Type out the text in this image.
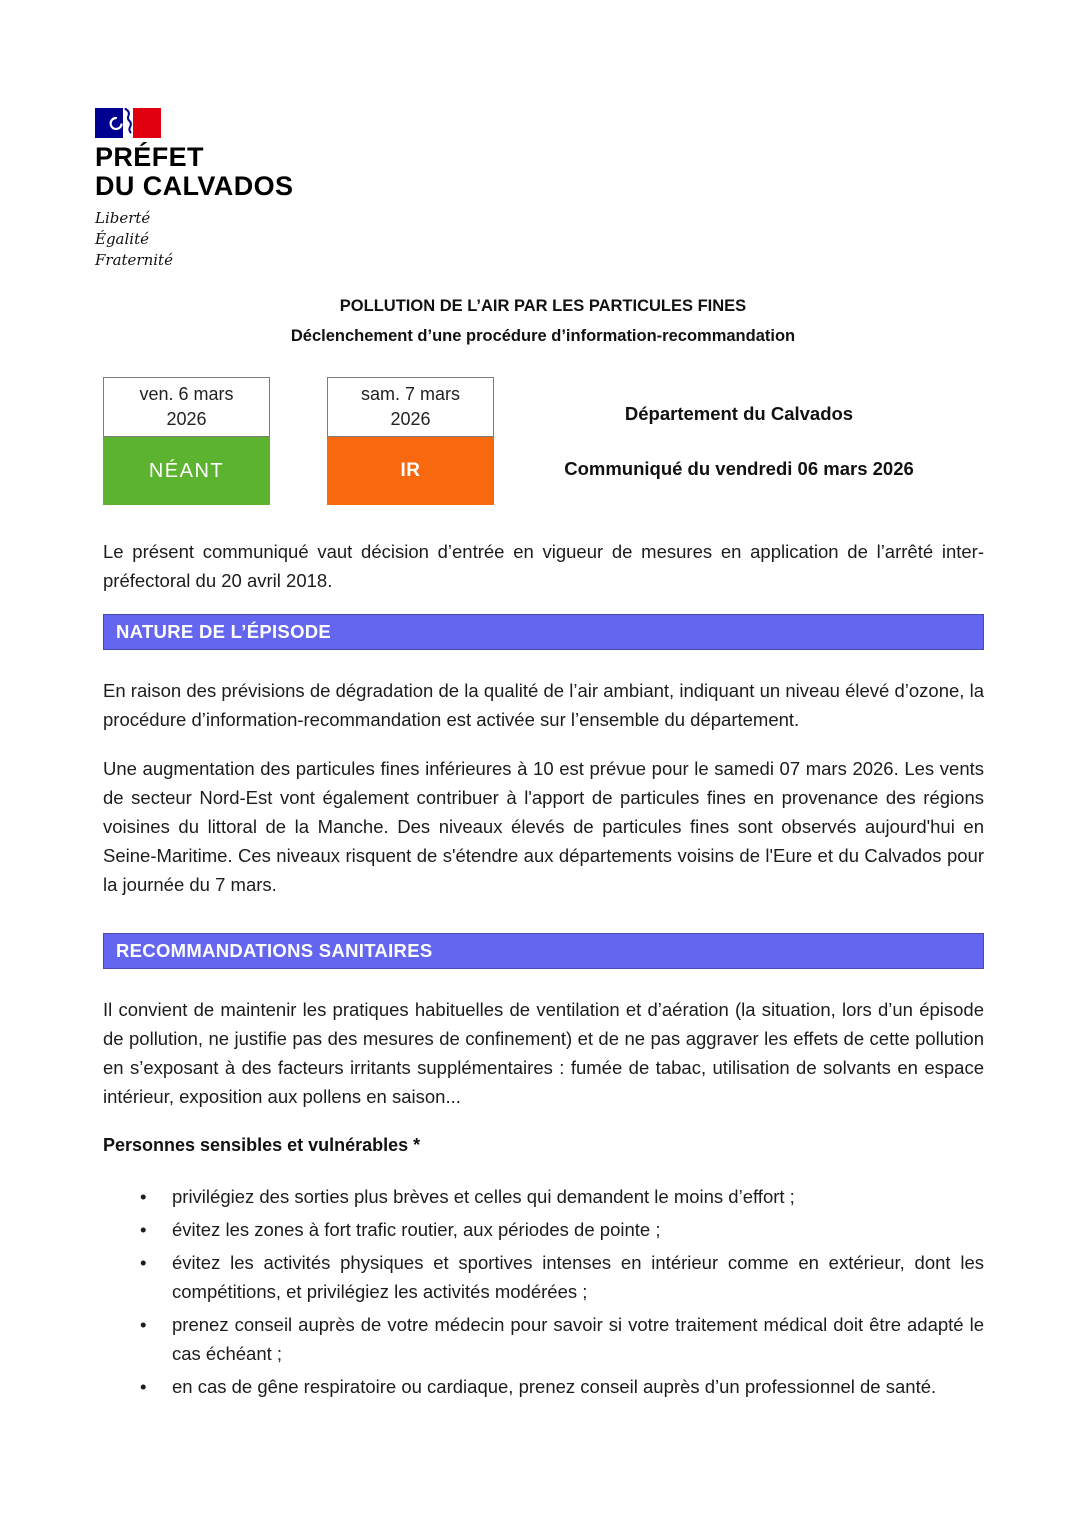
PRÉFET
DU CALVADOS
Liberté
Égalité
Fraternité
POLLUTION DE L’AIR PAR LES PARTICULES FINES
Déclenchement d’une procédure d’information-recommandation
ven. 6 mars
2026
NÉANT
sam. 7 mars
2026
IR
Département du Calvados
Communiqué du vendredi 06 mars 2026

Le présent communiqué vaut décision d’entrée en vigueur de mesures en application de l’arrêté inter-préfectoral du 20 avril 2018.

NATURE DE L’ÉPISODE

En raison des prévisions de dégradation de la qualité de l’air ambiant, indiquant un niveau élevé d’ozone, la procédure d’information-recommandation est activée sur l’ensemble du département.

Une augmentation des particules fines inférieures à 10 est prévue pour le samedi 07 mars 2026. Les vents de secteur Nord-Est vont également contribuer à l'apport de particules fines en provenance des régions voisines du littoral de la Manche. Des niveaux élevés de particules fines sont observés aujourd'hui en Seine-Maritime. Ces niveaux risquent de s'étendre aux départements voisins de l'Eure et du Calvados pour la journée du 7 mars.

RECOMMANDATIONS SANITAIRES

Il convient de maintenir les pratiques habituelles de ventilation et d’aération (la situation, lors d’un épisode de pollution, ne justifie pas des mesures de confinement) et de ne pas aggraver les effets de cette pollution en s’exposant à des facteurs irritants supplémentaires : fumée de tabac, utilisation de solvants en espace intérieur, exposition aux pollens en saison...

Personnes sensibles et vulnérables *
• privilégiez des sorties plus brèves et celles qui demandent le moins d’effort ;
• évitez les zones à fort trafic routier, aux périodes de pointe ;
• évitez les activités physiques et sportives intenses en intérieur comme en extérieur, dont les compétitions, et privilégiez les activités modérées ;
• prenez conseil auprès de votre médecin pour savoir si votre traitement médical doit être adapté le cas échéant ;
• en cas de gêne respiratoire ou cardiaque, prenez conseil auprès d’un professionnel de santé.
